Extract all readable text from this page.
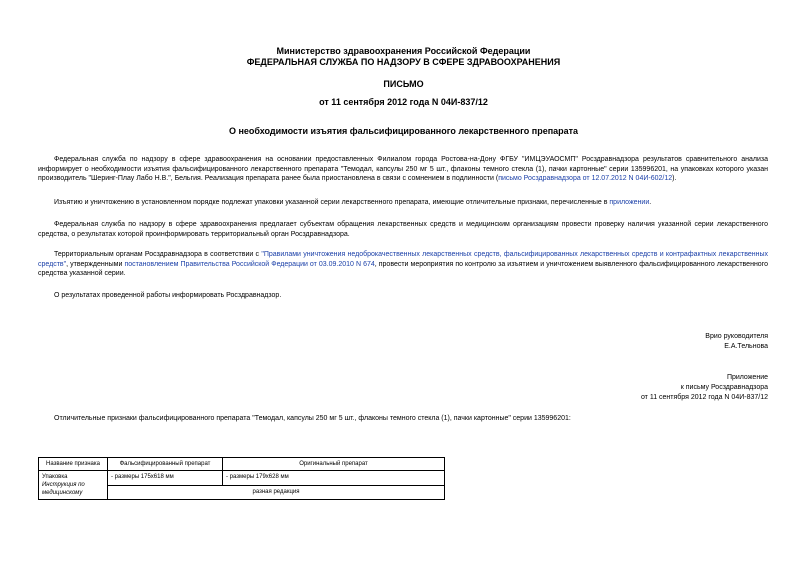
Министерство здравоохранения Российской Федерации
ФЕДЕРАЛЬНАЯ СЛУЖБА ПО НАДЗОРУ В СФЕРЕ ЗДРАВООХРАНЕНИЯ
ПИСЬМО
от 11 сентября 2012 года N 04И-837/12
О необходимости изъятия фальсифицированного лекарственного препарата
Федеральная служба по надзору в сфере здравоохранения на основании предоставленных Филиалом города Ростова-на-Дону ФГБУ "ИМЦЭУАОСМП" Росздравнадзора результатов сравнительного анализа информирует о необходимости изъятия фальсифицированного лекарственного препарата "Темодал, капсулы 250 мг 5 шт., флаконы темного стекла (1), пачки картонные" серии 135996201, на упаковках которого указан производитель "Шеринг-Плау Лабо Н.В.", Бельгия. Реализация препарата ранее была приостановлена в связи с сомнением в подлинности (письмо Росздравнадзора от 12.07.2012 N 04И-602/12).
Изъятию и уничтожению в установленном порядке подлежат упаковки указанной серии лекарственного препарата, имеющие отличительные признаки, перечисленные в приложении.
Федеральная служба по надзору в сфере здравоохранения предлагает субъектам обращения лекарственных средств и медицинским организациям провести проверку наличия указанной серии лекарственного средства, о результатах которой проинформировать территориальный орган Росздравнадзора.
Территориальным органам Росздравнадзора в соответствии с "Правилами уничтожения недоброкачественных лекарственных средств, фальсифицированных лекарственных средств и контрафактных лекарственных средств", утвержденными постановлением Правительства Российской Федерации от 03.09.2010 N 674, провести мероприятия по контролю за изъятием и уничтожением выявленного фальсифицированного лекарственного средства указанной серии.
О результатах проведенной работы информировать Росздравнадзор.
Врио руководителя
Е.А.Тельнова
Приложение
к письму Росздравнадзора
от 11 сентября 2012 года N 04И-837/12
Отличительные признаки фальсифицированного препарата "Темодал, капсулы 250 мг 5 шт., флаконы темного стекла (1), пачки картонные" серии 135996201:
Название признака	Фальсифицированный препарат	Оригинальный препарат

Упаковка
Инструкция по медицинскому	- размеры 175x618 мм	- размеры 179x628 мм
	разная редакция	
